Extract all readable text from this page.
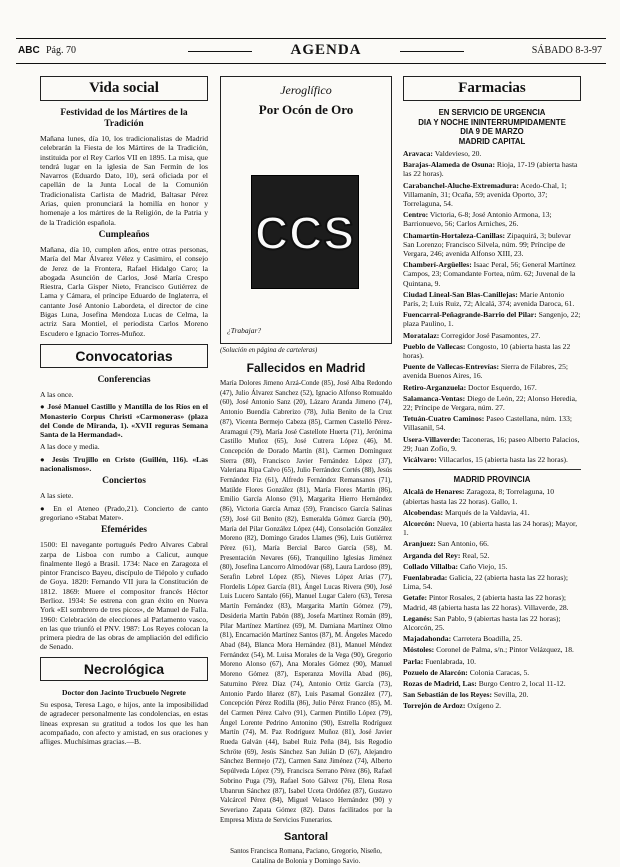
ABC Pág. 70	AGENDA	SÁBADO 8-3-97
Vida social
Festividad de los Mártires de la Tradición

Mañana lunes, día 10, los tradicionalistas de Madrid celebrarán la Fiesta de los Mártires de la Tradición, instituida por el Rey Carlos VII en 1895. La misa, que tendrá lugar en la iglesia de San Fermín de los Navarros (Eduardo Dato, 10), será oficiada por el capellán de la Junta Local de la Comunión Tradicionalista Carlista de Madrid, Baltasar Pérez Arias, quien pronunciará la homilía en honor y homenaje a los mártires de la Religión, de la Patria y de la Tradición española.

Cumpleaños

Mañana, día 10, cumplen años, entre otras personas, María del Mar Álvarez Vélez y Casimiro, el consejo de Jerez de la Frontera, Rafael Hidalgo Caro; la abogada Asunción de Carlos, José María Crespo Riestra, Carla Gisper Nieto, Francisco Gutiérrez de Lama y Cámara, el príncipe Eduardo de Inglaterra, el cantante José Antonio Labordeta, el director de cine Bigas Luna, Josefina Mendoza Lucas de Celma, la actriz Sara Montiel, el periodista Carlos Moreno Escudero e Ignacio Torres-Muñoz.

Convocatorias
Conferencias

A las once.

● José Manuel Castillo y Mantilla de los Ríos en el Monasterio Corpus Christi «Carmoneras» (plaza del Conde de Miranda, 1). «XVII reguras Semana Santa de la Hermandad».

A las doce y media.

● Jesús Trujillo en Cristo (Guillén, 116). «Las nacionalismos».

Conciertos

A las siete.

● En el Ateneo (Prado,21). Concierto de canto gregoriano «Stabat Mater».

Efemérides

1500: El navegante portugués Pedro Alvares Cabral zarpa de Lisboa con rumbo a Calicut, aunque finalmente llegó a Brasil. 1734: Nace en Zaragoza el pintor Francisco Bayeu, discípulo de Tiépolo y cuñado de Goya. 1820: Fernando VII jura la Constitución de 1812. 1869: Muere el compositor francés Héctor Berlioz. 1934: Se estrena con gran éxito en Nueva York «El sombrero de tres picos», de Manuel de Falla. 1960: Celebración de elecciones al Parlamento vasco, en las que triunfó el PNV. 1987: Los Reyes colocan la primera piedra de las obras de ampliación del edificio de Senado.

Necrológica

Doctor don Jacinto Trucbuelo Negrete

Su esposa, Teresa Lago, e hijos, ante la imposibilidad de agradecer personalmente las condolencias, en estas líneas expresan su gratitud a todos los que les han acompañado, con afecto y amistad, en sus oraciones y afliges. Muchísimas gracias.—B.

Jeroglífico
Por Ocón de Oro
CCS
¿Trabajar?
(Solución en página de carteleras)
Fallecidos en Madrid
María Dolores Jimeno Arzá-Conde (85), José Alba Redondo (47), Julio Álvarez Sanchez (52), Ignacio Alfonso Romualdo (60), José Antonio Sanz (20), Lázaro Aranda Jimeno (74), Antonio Buendía Cabrerizo (78), Julia Benito de la Cruz (87), Vicenta Bermejo Cabeza (85), Carmen Castelló Pérez-Aramagui (79), María José Castellote Huerta (71), Jerónima Castillo Muñoz (65), José Cutrera López (46), M. Concepción de Dorado Martín (81), Carmen Domínguez Sierra (80), Francisco Javier Fernández López (37), Valeriana Ripa Calvo (65), Julio Ferrández Cortés (88), Jesús Fernández Fiz (61), Alfredo Fernández Remansanos (71), Matilde Flores González (81), María Flores Martín (86), Emilio García Alonso (91), Margarita Hierro Hernández (86), Victoria García Arnaz (59), Francisco García Salinas (59), José Gil Benito (82), Esmeralda Gómez García (90), María del Pilar González López (44), Consolación González Moreno (82), Domingo Grados Llames (96), Luis Gutiérrez Pérez (61), María Bercial Barco García (58), M. Presentación Nevares (66), Tranquilino Iglesias Jiménez (80), Josefina Lancorro Almodóvar (68), Laura Lardoso (89), Serafin Lebrel López (85), Nieves López Arias (77), Flordelis López García (81), Ángel Lucas Rivera (90), José Luis Lucero Santalo (66), Manuel Lugar Calero (63), Teresa Martín Fernández (83), Margarita Martín Gómez (79), Desideria Martín Pabón (88), Josefa Martínez Román (89), Pilar Martínez Martínez (69), M. Damiana Martínez Olmo (81), Encarnación Martínez Santos (87), M. Ángeles Macedo Abad (84), Blanca Mora Hernández (81), Manuel Méndez Fernández (54), M. Luisa Morales de la Vega (90), Gregorio Moreno Alonso (67), Ana Morales Gómez (90), Manuel Moreno Gómez (87), Esperanza Movilla Abad (86), Saturnino Pérez Díaz (74), Antonio Ortiz García (73), Antonio Pardo Iñarez (87), Luis Pasamal González (77), Concepción Pérez Rodilla (86), Julio Pérez Franco (85), M. del Carmen Pérez Calvo (91), Carmen Pintillo López (79), Ángel Lorente Pedrino Antonino (90), Estrella Rodríguez Martín (74), M. Paz Rodríguez Muñoz (81), José Javier Rueda Galván (44), Isabel Ruiz Peña (84), Isis Regodio Schröte (69), Jesús Sánchez San Julián D (67), Alejandro Sánchez Bermejo (72), Carmen Sanz Jiménez (74), Alberto Sepúlveda López (79), Francisca Serrano Pérez (86), Rafael Sobrino Puga (79), Rafael Soto Gálvez (76), Elena Rosa Ubanrun Sánchez (87), Isabel Uceta Ordóñez (87), Gustavo Valcárcel Pérez (84), Miguel Velasco Hernández (90) y Severiano Zapata Gómez (82). Datos facilitados por la Empresa Mixta de Servicios Funerarios.
Santoral
Santos Francisca Romana, Paciano, Gregorio, Niseño, Catalina de Bolonia y Domingo Savio.
Farmacias
EN SERVICIO DE URGENCIA
DIA Y NOCHE ININTERRUMPIDAMENTE
DIA 9 DE MARZO
MADRID CAPITAL

Aravaca: Valdevieso, 20.

Barajas-Alameda de Osuna: Rioja, 17-19 (abierta hasta las 22 horas).

Carabanchel-Aluche-Extremadura: Acedo-Chal, 1; Villamanín, 31; Ocaña, 59; avenida Oporto, 37; Torrelaguna, 54.

Centro: Victoria, 6-8; José Antonio Armona, 13; Barrionuevo, 56; Carlos Arniches, 26.

Chamartín-Hortaleza-Canillas: Zipaquirá, 3; bulevar San Lorenzo; Francisco Silvela, núm. 99; Príncipe de Vergara, 246; avenida Alfonso XIII, 23.

Chamberí-Argüelles: Isaac Peral, 56; General Martínez Campos, 23; Comandante Fortea, núm. 62; Juvenal de la Quintana, 9.

Ciudad Lineal-San Blas-Canillejas: Marie Antonio París, 2; Luis Ruiz, 72; Alcalá, 374; avenida Daroca, 61.

Fuencarral-Peñagrande-Barrio del Pilar: Sangenjo, 22; plaza Paulino, 1.

Moratalaz: Corregidor José Pasamontes, 27.

Pueblo de Vallecas: Congosto, 10 (abierta hasta las 22 horas).

Puente de Vallecas-Entrevías: Sierra de Filabres, 25; avenida Buenos Aires, 16.

Retiro-Arganzuela: Doctor Esquerdo, 167.

Salamanca-Ventas: Diego de León, 22; Alonso Heredia, 22; Príncipe de Vergara, núm. 27.

Tetuán-Cuatro Caminos: Paseo Castellana, núm. 133; Villasanil, 54.

Usera-Villaverde: Taconeras, 16; paseo Alberto Palacios, 29; Juan Zofío, 9.

Vicálvaro: Villacarlos, 15 (abierta hasta las 22 horas).

MADRID PROVINCIA

Alcalá de Henares: Zaragoza, 8; Torrelaguna, 10 (abiertas hasta las 22 horas). Gallo, 1.

Alcobendas: Marqués de la Valdavia, 41.

Alcorcón: Nueva, 10 (abierta hasta las 24 horas); Mayor, 1.

Aranjuez: San Antonio, 66.

Arganda del Rey: Real, 52.

Collado Villalba: Caño Viejo, 15.

Fuenlabrada: Galicia, 22 (abierta hasta las 22 horas); Lima, 54.

Getafe: Pintor Rosales, 2 (abierta hasta las 22 horas); Madrid, 48 (abierta hasta las 22 horas). Villaverde, 28.

Leganés: San Pablo, 9 (abiertas hasta las 22 horas); Alcorcón, 25.

Majadahonda: Carretera Boadilla, 25.

Móstoles: Coronel de Palma, s/n.; Pintor Velázquez, 18.

Parla: Fuenlabrada, 10.

Pozuelo de Alarcón: Colonia Caracas, 5.

Rozas de Madrid, Las: Burgo Centro 2, local 11-12.

San Sebastián de los Reyes: Sevilla, 20.

Torrejón de Ardoz: Oxígeno 2.
